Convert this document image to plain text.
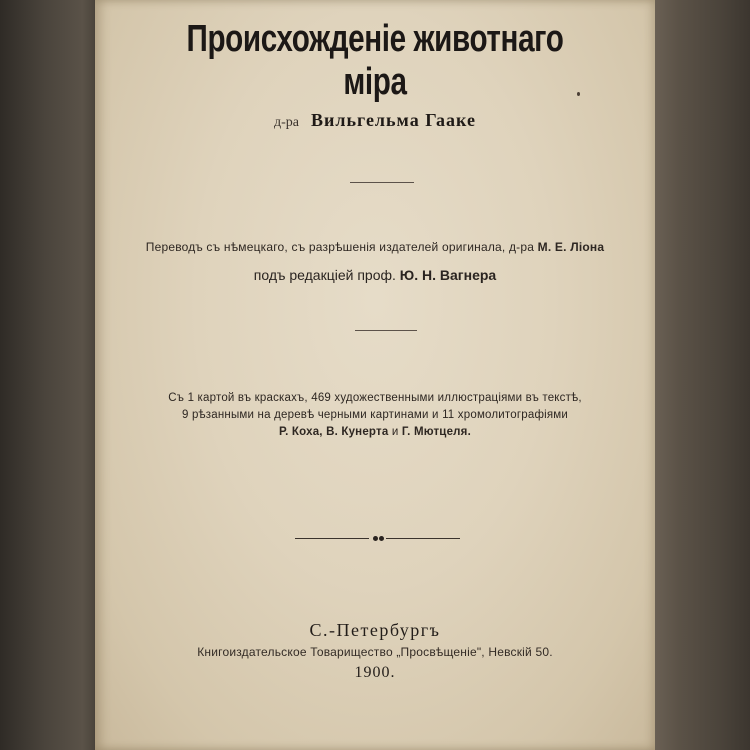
Происхожденіе животнаго міра
д-ра Вильгельма Гааке
Переводъ съ нѣмецкаго, съ разрѣшенія издателей оригинала, д-ра М. Е. Ліона
подъ редакціей проф. Ю. Н. Вагнера
Съ 1 картой въ краскахъ, 469 художественными иллюстраціями въ текстѣ,
9 рѣзанными на деревѣ черными картинами и 11 хромолитографіями
Р. Коха, В. Кунерта и Г. Мютцеля.
С.-Петербургъ
Книгоиздательское Товарищество „Просвѣщеніе", Невскій 50.
1900.
